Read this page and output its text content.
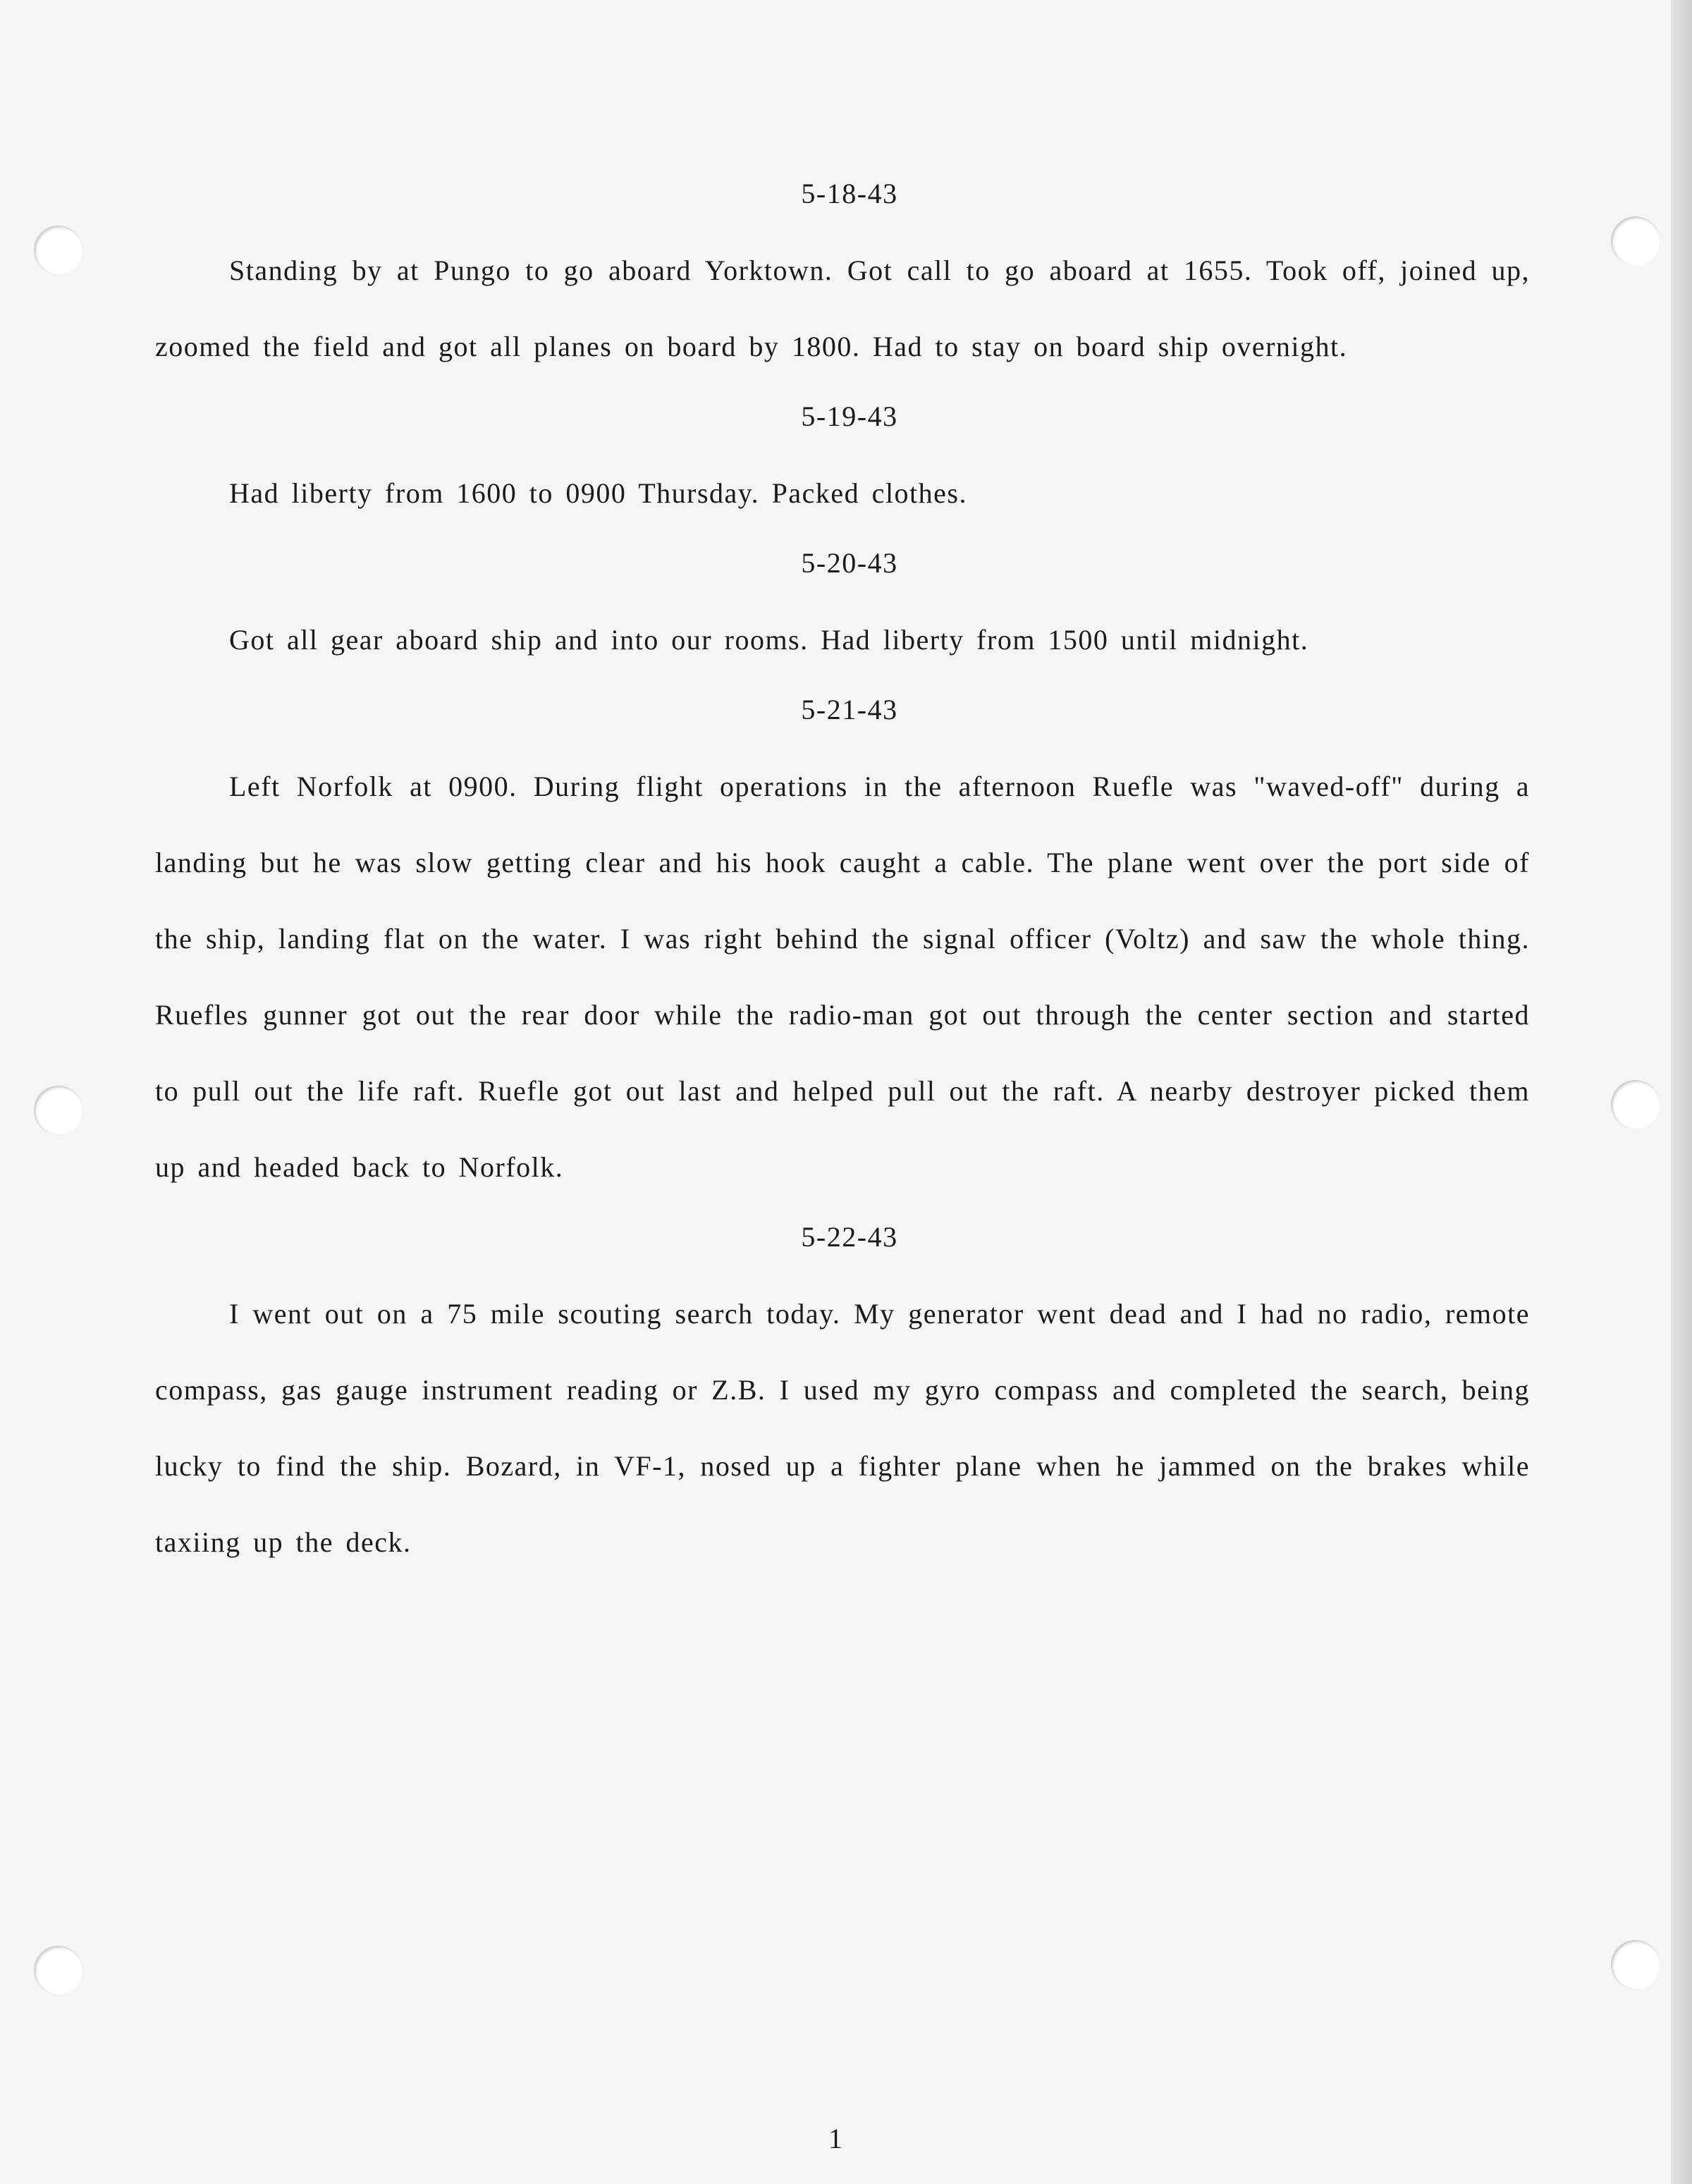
5-18-43

Standing by at Pungo to go aboard Yorktown. Got call to go aboard at 1655. Took off, joined up, zoomed the field and got all planes on board by 1800. Had to stay on board ship overnight.

5-19-43

Had liberty from 1600 to 0900 Thursday. Packed clothes.

5-20-43

Got all gear aboard ship and into our rooms. Had liberty from 1500 until midnight.

5-21-43

Left Norfolk at 0900. During flight operations in the afternoon Ruefle was "waved-off" during a landing but he was slow getting clear and his hook caught a cable. The plane went over the port side of the ship, landing flat on the water. I was right behind the signal officer (Voltz) and saw the whole thing. Ruefles gunner got out the rear door while the radio-man got out through the center section and started to pull out the life raft. Ruefle got out last and helped pull out the raft. A nearby destroyer picked them up and headed back to Norfolk.

5-22-43

I went out on a 75 mile scouting search today. My generator went dead and I had no radio, remote compass, gas gauge instrument reading or Z.B. I used my gyro compass and completed the search, being lucky to find the ship. Bozard, in VF-1, nosed up a fighter plane when he jammed on the brakes while taxiing up the deck.

1
